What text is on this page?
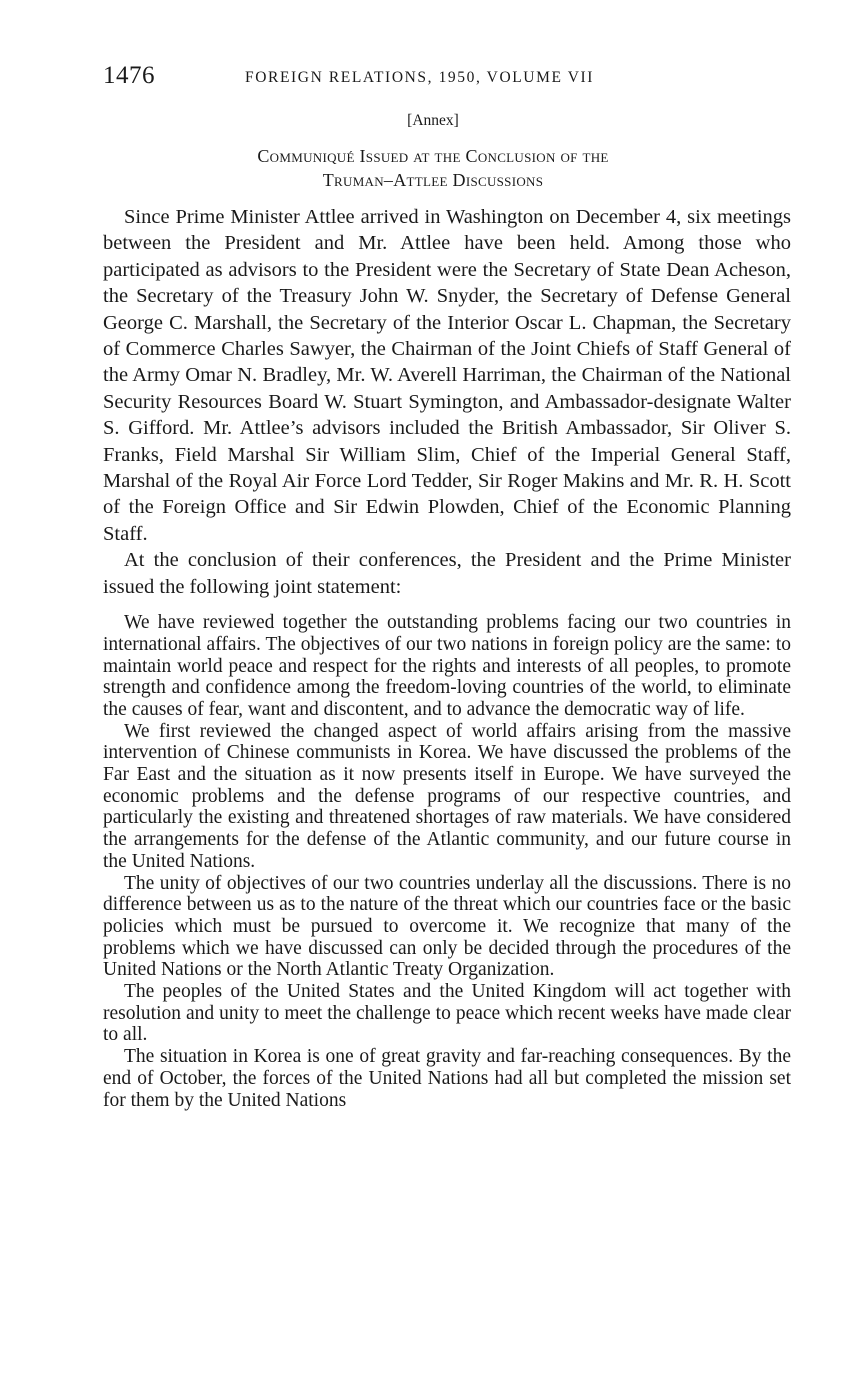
1476	FOREIGN RELATIONS, 1950, VOLUME VII
[Annex]
Communiqué Issued at the Conclusion of the
Truman–Attlee Discussions

Since Prime Minister Attlee arrived in Washington on December 4, six meetings between the President and Mr. Attlee have been held. Among those who participated as advisors to the President were the Secretary of State Dean Acheson, the Secretary of the Treasury John W. Snyder, the Secretary of Defense General George C. Marshall, the Secretary of the Interior Oscar L. Chapman, the Secretary of Commerce Charles Sawyer, the Chairman of the Joint Chiefs of Staff General of the Army Omar N. Bradley, Mr. W. Averell Harriman, the Chairman of the National Security Resources Board W. Stuart Symington, and Ambassador-designate Walter S. Gifford. Mr. Attlee’s advisors included the British Ambassador, Sir Oliver S. Franks, Field Marshal Sir William Slim, Chief of the Imperial General Staff, Marshal of the Royal Air Force Lord Tedder, Sir Roger Makins and Mr. R. H. Scott of the Foreign Office and Sir Edwin Plowden, Chief of the Economic Planning Staff.

At the conclusion of their conferences, the President and the Prime Minister issued the following joint statement:

We have reviewed together the outstanding problems facing our two countries in international affairs. The objectives of our two nations in foreign policy are the same: to maintain world peace and respect for the rights and interests of all peoples, to promote strength and confidence among the freedom-loving countries of the world, to eliminate the causes of fear, want and discontent, and to advance the democratic way of life.

We first reviewed the changed aspect of world affairs arising from the massive intervention of Chinese communists in Korea. We have discussed the problems of the Far East and the situation as it now presents itself in Europe. We have surveyed the economic problems and the defense programs of our respective countries, and particularly the existing and threatened shortages of raw materials. We have considered the arrangements for the defense of the Atlantic community, and our future course in the United Nations.

The unity of objectives of our two countries underlay all the discussions. There is no difference between us as to the nature of the threat which our countries face or the basic policies which must be pursued to overcome it. We recognize that many of the problems which we have discussed can only be decided through the procedures of the United Nations or the North Atlantic Treaty Organization.

The peoples of the United States and the United Kingdom will act together with resolution and unity to meet the challenge to peace which recent weeks have made clear to all.

The situation in Korea is one of great gravity and far-reaching consequences. By the end of October, the forces of the United Nations had all but completed the mission set for them by the United Nations
